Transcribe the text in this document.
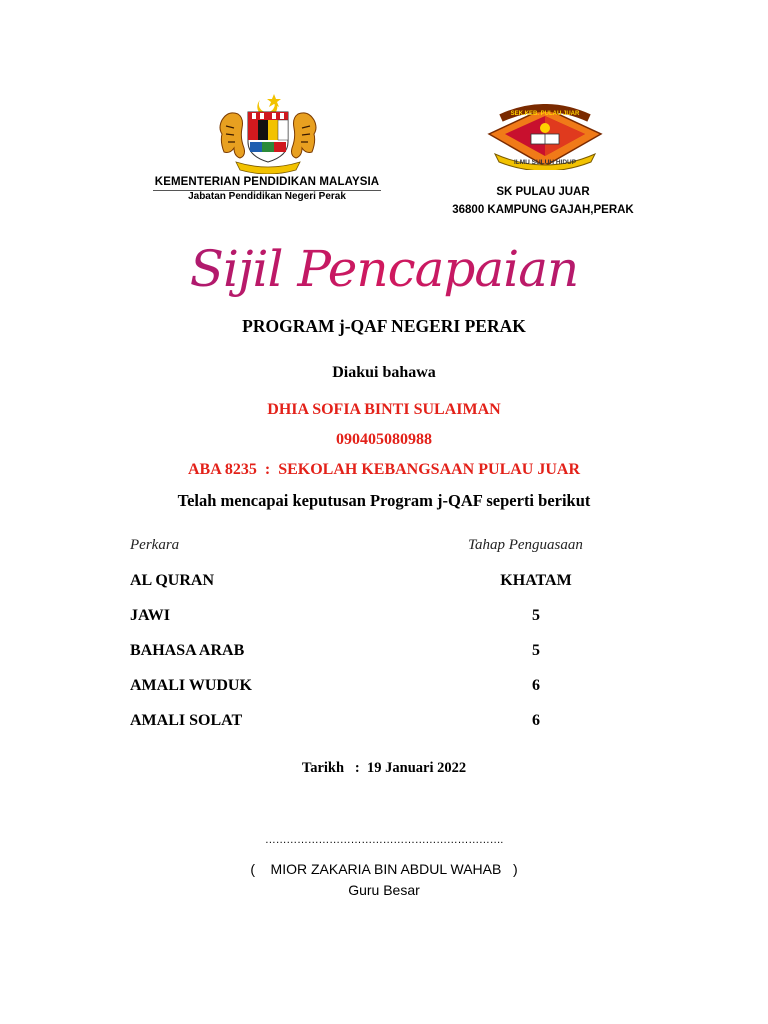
KEMENTERIAN PENDIDIKAN MALAYSIA
Jabatan Pendidikan Negeri Perak
SEK.KEB. PULAU JUAR
ILMU SULUH HIDUP
SK PULAU JUAR
36800 KAMPUNG GAJAH,PERAK
Sijil Pencapaian
PROGRAM j-QAF NEGERI PERAK
Diakui bahawa
DHIA SOFIA BINTI SULAIMAN
090405080988
ABA 8235  :  SEKOLAH KEBANGSAAN PULAU JUAR
Telah mencapai keputusan Program j-QAF seperti berikut
Perkara	Tahap Penguasaan
AL QURAN	KHATAM
JAWI	5
BAHASA ARAB	5
AMALI WUDUK	6
AMALI SOLAT	6
Tarikh   :  19 Januari 2022
………………………………………………………….
(    MIOR ZAKARIA BIN ABDUL WAHAB   )
Guru Besar
